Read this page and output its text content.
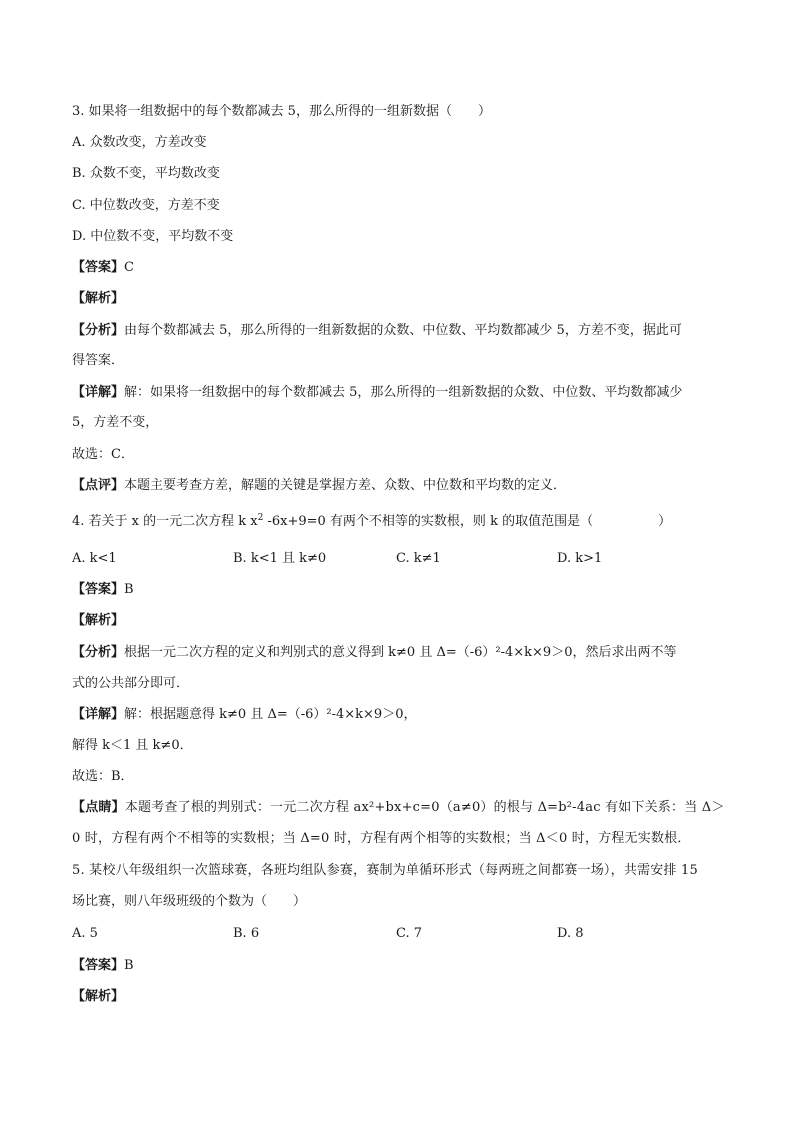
3. 如果将一组数据中的每个数都减去 5，那么所得的一组新数据（　　）
A. 众数改变，方差改变
B. 众数不变，平均数改变
C. 中位数改变，方差不变
D. 中位数不变，平均数不变
【答案】C
【解析】
【分析】由每个数都减去 5，那么所得的一组新数据的众数、中位数、平均数都减少 5，方差不变，据此可
得答案．
【详解】解：如果将一组数据中的每个数都减去 5，那么所得的一组新数据的众数、中位数、平均数都减少
5，方差不变，
故选：C．
【点评】本题主要考查方差，解题的关键是掌握方差、众数、中位数和平均数的定义．
4. 若关于 x 的一元二次方程 k $x^2$ -6x+9=0 有两个不相等的实数根，则 k 的取值范围是（　　　　　）
A. k<1	B. k<1 且 k≠0	C. k≠1	D. k>1
【答案】B
【解析】
【分析】根据一元二次方程的定义和判别式的意义得到 k≠0 且 Δ=（-6）²-4×k×9＞0，然后求出两不等
式的公共部分即可．
【详解】解：根据题意得 k≠0 且 Δ=（-6）²-4×k×9＞0，
解得 k＜1 且 k≠0．
故选：B．
【点睛】本题考查了根的判别式：一元二次方程 ax²+bx+c=0（a≠0）的根与 Δ=b²-4ac 有如下关系：当 Δ＞
0 时，方程有两个不相等的实数根；当 Δ=0 时，方程有两个相等的实数根；当 Δ＜0 时，方程无实数根．
5. 某校八年级组织一次篮球赛，各班均组队参赛，赛制为单循环形式（每两班之间都赛一场），共需安排 15
场比赛，则八年级班级的个数为（　　）
A. 5	B. 6	C. 7	D. 8
【答案】B
【解析】
